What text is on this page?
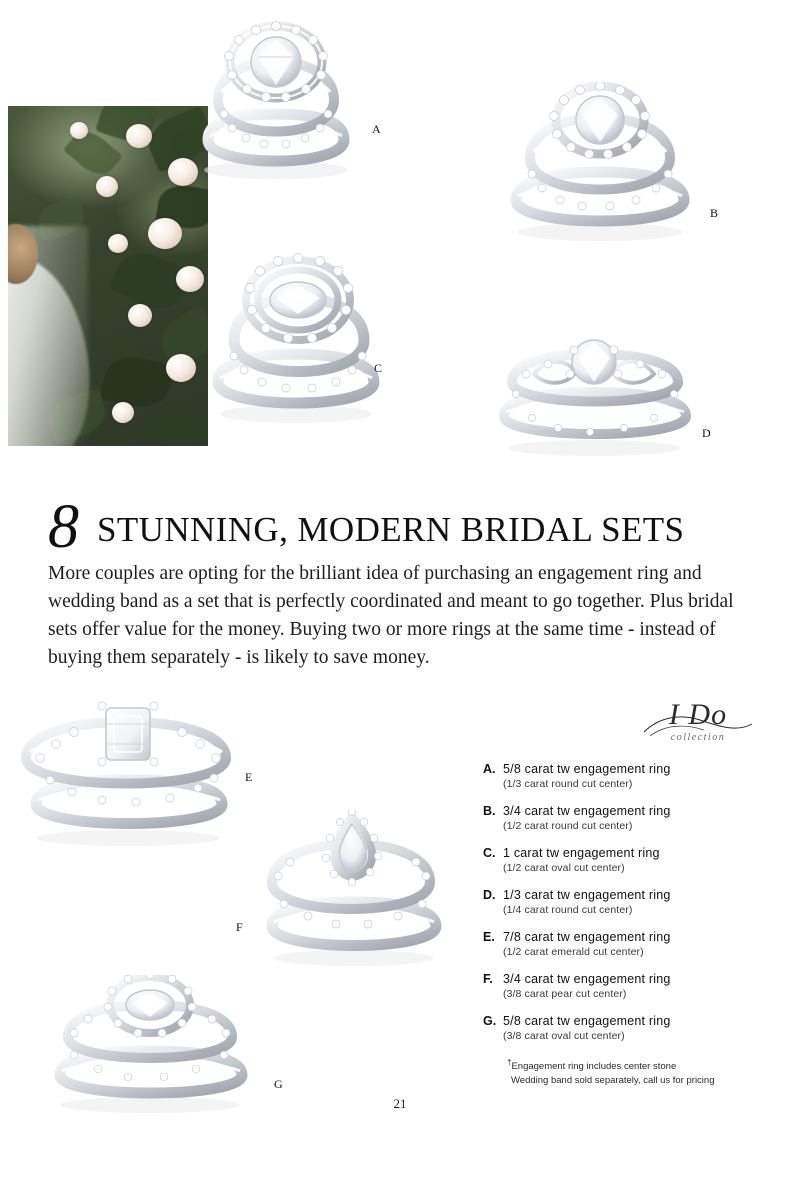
A
B
C
D
8 STUNNING, MODERN BRIDAL SETS
More couples are opting for the brilliant idea of purchasing an engagement ring and wedding band as a set that is perfectly coordinated and meant to go together. Plus bridal sets offer value for the money. Buying two or more rings at the same time - instead of buying them separately - is likely to save money.
E
F
G
I Do
collection
A. 5/8 carat tw engagement ring
(1/3 carat round cut center)
B. 3/4 carat tw engagement ring
(1/2 carat round cut center)
C. 1 carat tw engagement ring
(1/2 carat oval cut center)
D. 1/3 carat tw engagement ring
(1/4 carat round cut center)
E. 7/8 carat tw engagement ring
(1/2 carat emerald cut center)
F. 3/4 carat tw engagement ring
(3/8 carat pear cut center)
G. 5/8 carat tw engagement ring
(3/8 carat oval cut center)
†Engagement ring includes center stone
Wedding band sold separately, call us for pricing
21
